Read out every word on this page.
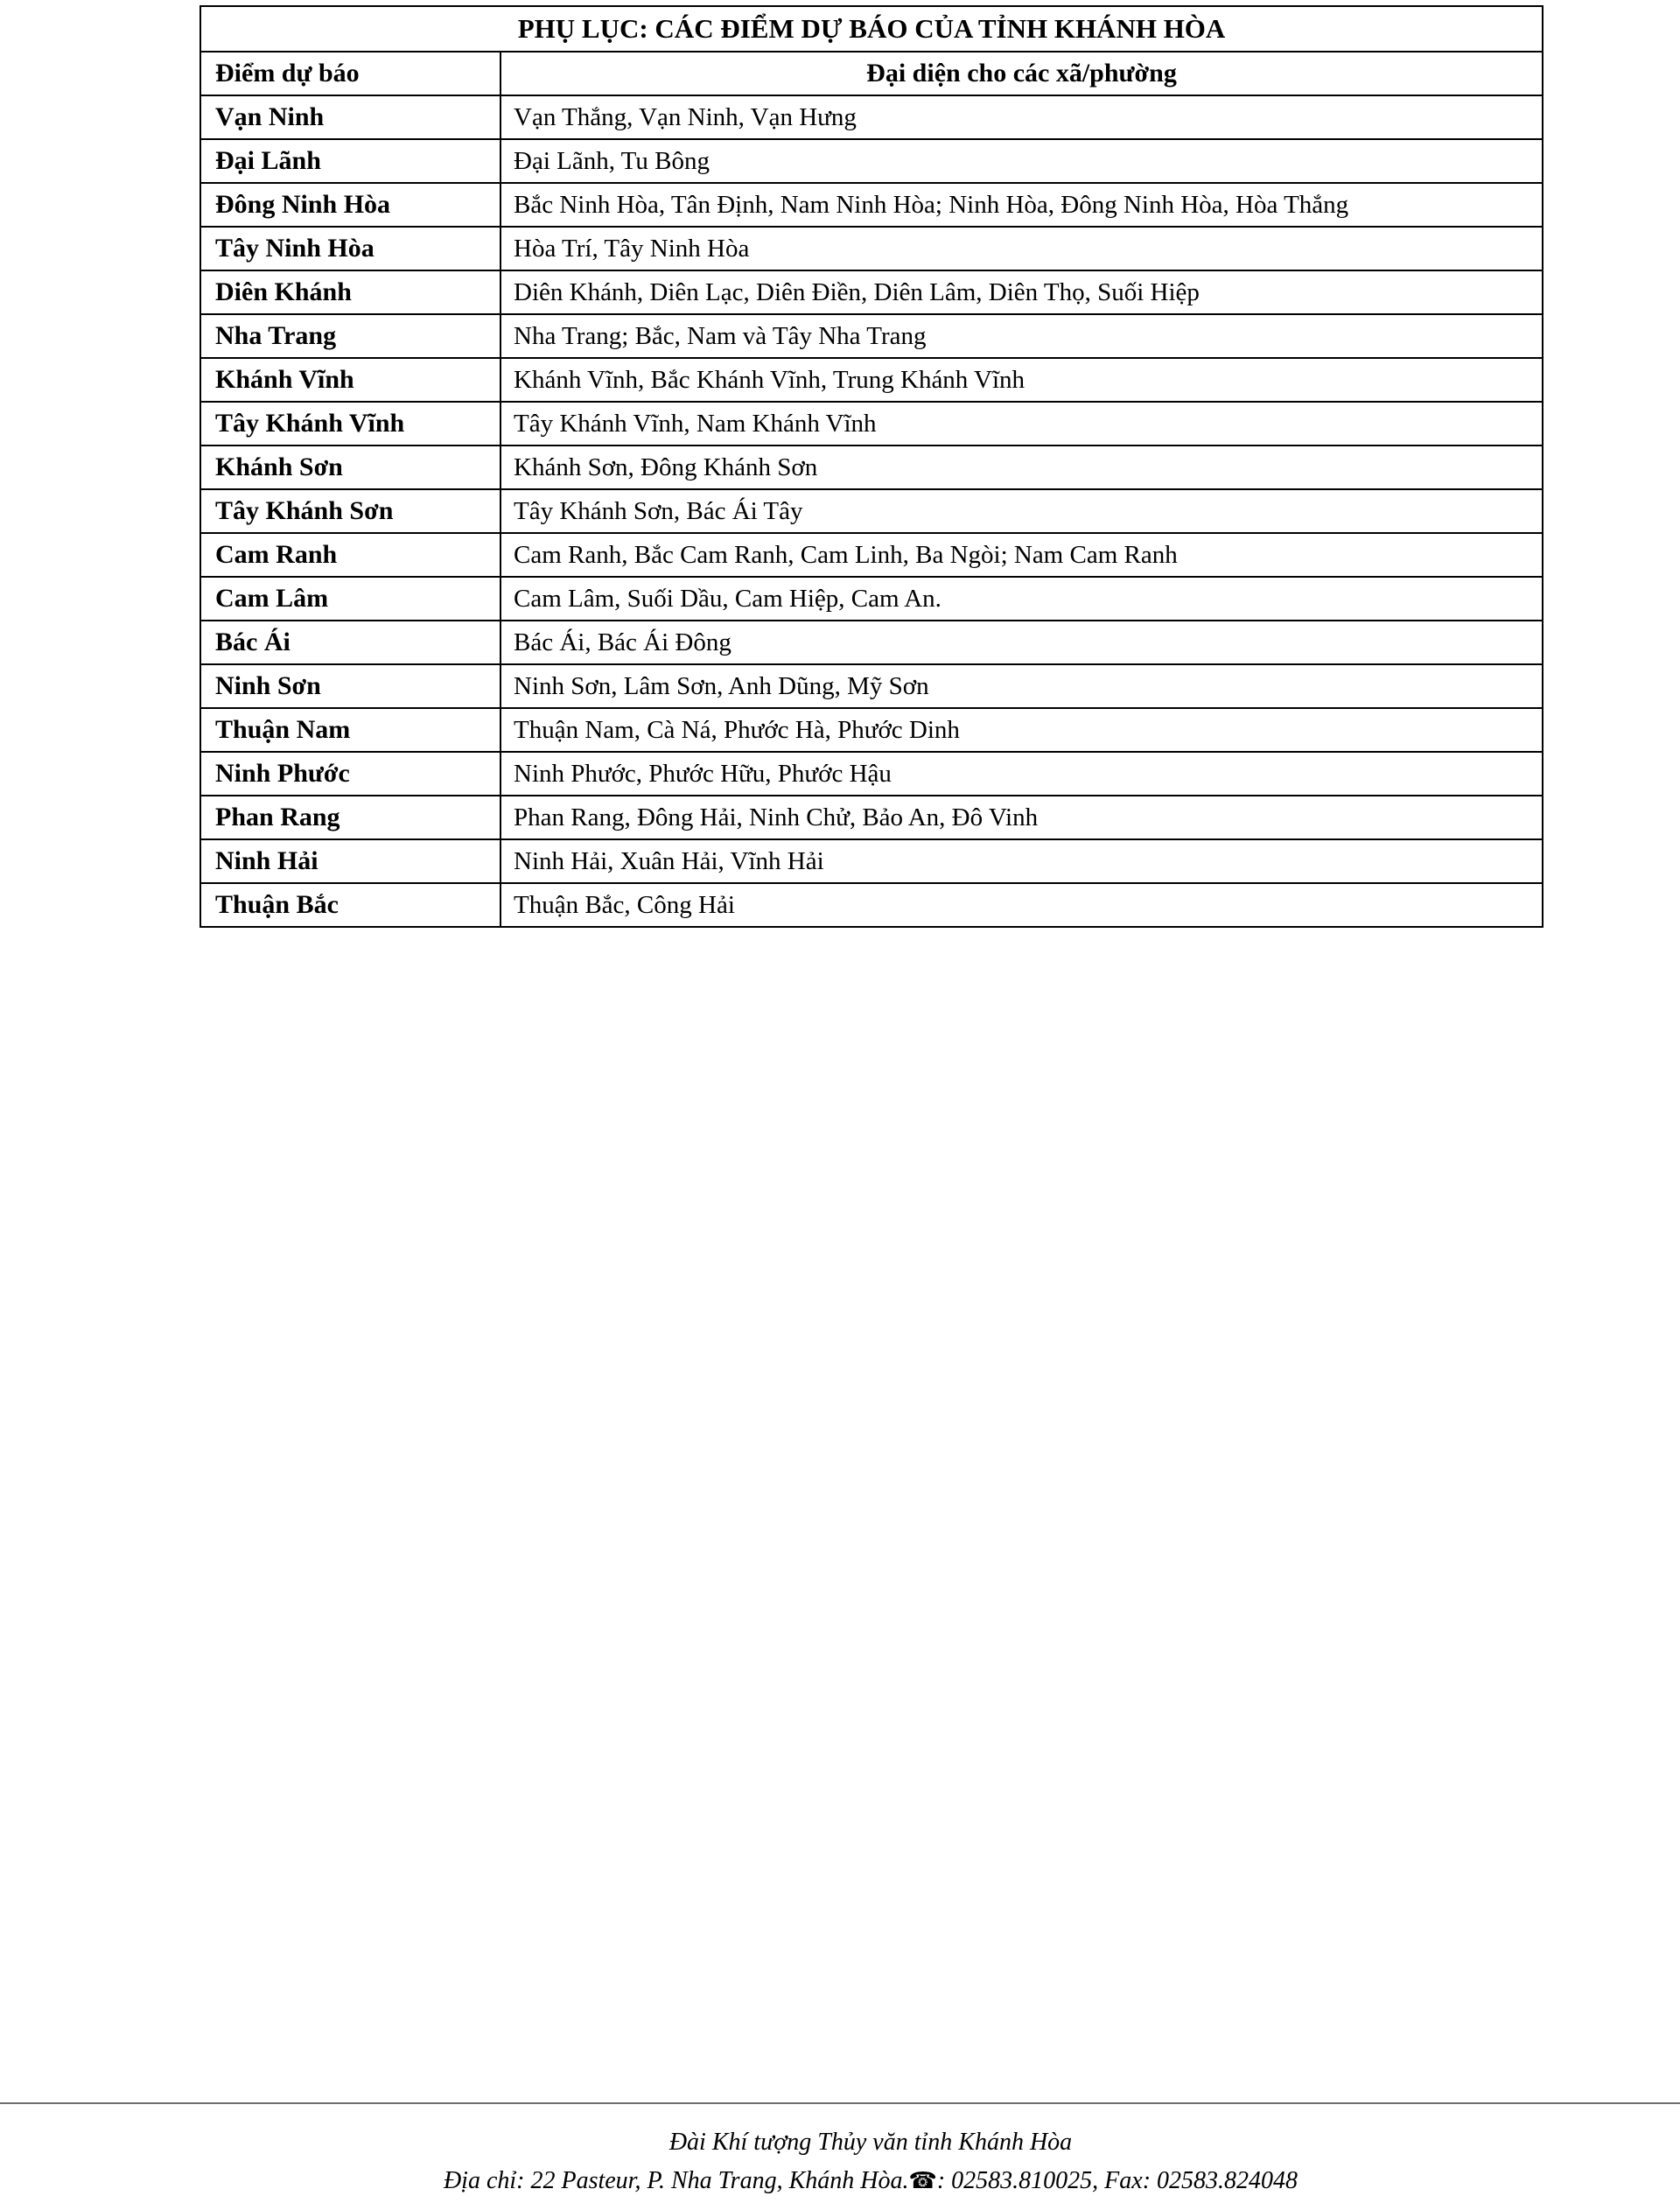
PHỤ LỤC: CÁC ĐIỂM DỰ BÁO CỦA TỈNH KHÁNH HÒA	
Điểm dự báo	Đại diện cho các xã/phường
Vạn Ninh	Vạn Thắng, Vạn Ninh, Vạn Hưng
Đại Lãnh	Đại Lãnh, Tu Bông
Đông Ninh Hòa	Bắc Ninh Hòa, Tân Định, Nam Ninh Hòa; Ninh Hòa, Đông Ninh Hòa, Hòa Thắng
Tây Ninh Hòa	Hòa Trí, Tây Ninh Hòa
Diên Khánh	Diên Khánh, Diên Lạc, Diên Điền, Diên Lâm, Diên Thọ, Suối Hiệp
Nha Trang	Nha Trang; Bắc, Nam và Tây Nha Trang
Khánh Vĩnh	Khánh Vĩnh, Bắc Khánh Vĩnh, Trung Khánh Vĩnh
Tây Khánh Vĩnh	Tây Khánh Vĩnh, Nam Khánh Vĩnh
Khánh Sơn	Khánh Sơn, Đông Khánh Sơn
Tây Khánh Sơn	Tây Khánh Sơn, Bác Ái Tây
Cam Ranh	Cam Ranh, Bắc Cam Ranh, Cam Linh, Ba Ngòi; Nam Cam Ranh
Cam Lâm	Cam Lâm, Suối Dầu, Cam Hiệp, Cam An.
Bác Ái	Bác Ái, Bác Ái Đông
Ninh Sơn	Ninh Sơn, Lâm Sơn, Anh Dũng, Mỹ Sơn
Thuận Nam	Thuận Nam, Cà Ná, Phước Hà, Phước Dinh
Ninh Phước	Ninh Phước, Phước Hữu, Phước Hậu
Phan Rang	Phan Rang, Đông Hải, Ninh Chử, Bảo An, Đô Vinh
Ninh Hải	Ninh Hải, Xuân Hải, Vĩnh Hải
Thuận Bắc	Thuận Bắc, Công Hải
Đài Khí tượng Thủy văn tỉnh Khánh Hòa
Địa chỉ: 22 Pasteur, P. Nha Trang, Khánh Hòa.☎: 02583.810025, Fax: 02583.824048
